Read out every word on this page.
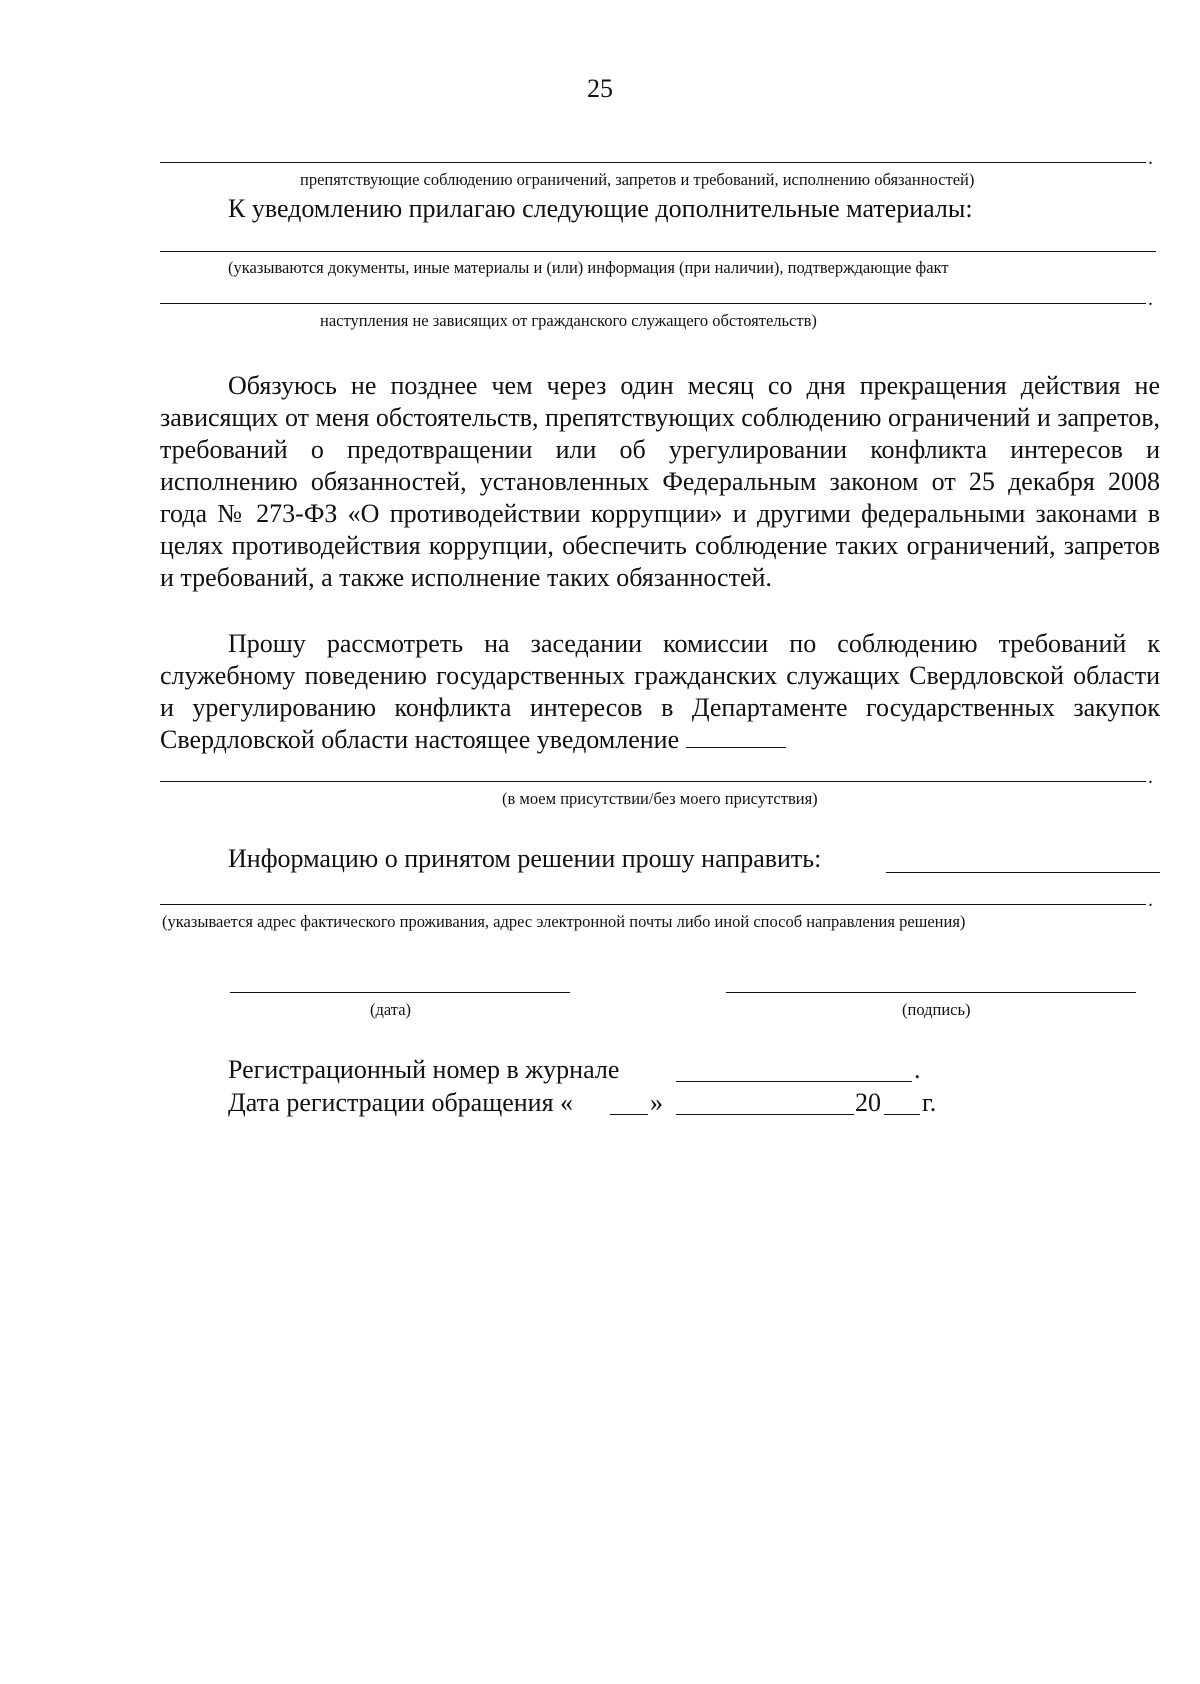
25
.
препятствующие соблюдению ограничений, запретов и требований, исполнению обязанностей)
К уведомлению прилагаю следующие дополнительные материалы:
(указываются документы, иные материалы и (или) информация (при наличии), подтверждающие факт
.
наступления не зависящих от гражданского служащего обстоятельств)

Обязуюсь не позднее чем через один месяц со дня прекращения действия не зависящих от меня обстоятельств, препятствующих соблюдению ограничений и запретов, требований о предотвращении или об урегулировании конфликта интересов и исполнению обязанностей, установленных Федеральным законом от 25 декабря 2008 года № 273-ФЗ «О противодействии коррупции» и другими федеральными законами в целях противодействия коррупции, обеспечить соблюдение таких ограничений, запретов и требований, а также исполнение таких обязанностей.

Прошу рассмотреть на заседании комиссии по соблюдению требований к служебному поведению государственных гражданских служащих Свердловской области и урегулированию конфликта интересов в Департаменте государственных закупок Свердловской области настоящее уведомление

.
(в моем присутствии/без моего присутствия)
Информацию о принятом решении прошу направить:
.
(указывается адрес фактического проживания, адрес электронной почты либо иной способ направления решения)
(дата)	(подпись)
Регистрационный номер в журнале	.
Дата регистрации обращения «	»	20 г.
